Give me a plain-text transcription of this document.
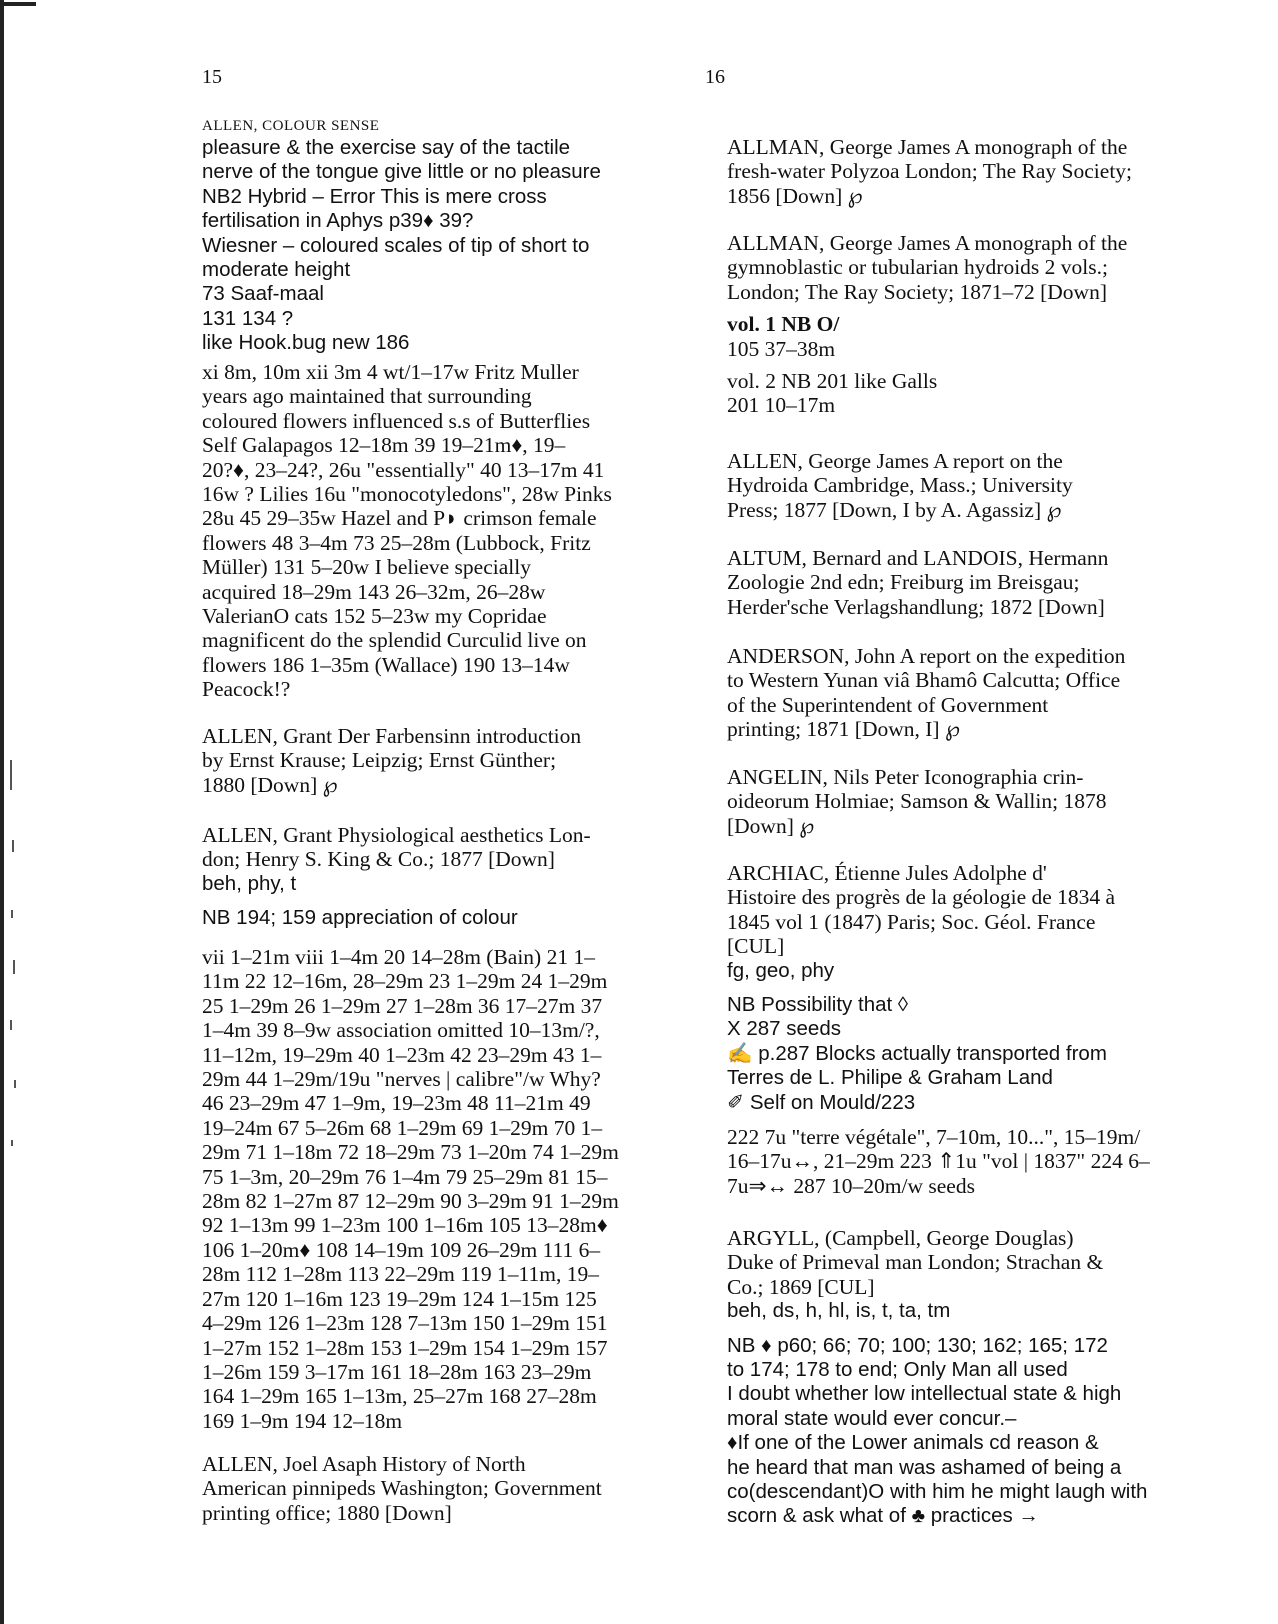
15	16
ALLEN, COLOUR SENSE

pleasure & the exercise say of the tactile

nerve of the tongue give little or no pleasure

NB2 Hybrid – Error This is mere cross

fertilisation in Aphys p39♦ 39?

Wiesner – coloured scales of tip of short to

moderate height

73 Saaf-maal

131 134 ?

like Hook.bug new 186

xi 8m, 10m xii 3m 4 wt/1–17w Fritz Muller

years ago maintained that surrounding

coloured flowers influenced s.s of Butterflies

Self Galapagos 12–18m 39 19–21m♦, 19–

20?♦, 23–24?, 26u "essentially" 40 13–17m 41

16w ? Lilies 16u "monocotyledons", 28w Pinks

28u 45 29–35w Hazel and P◗ crimson female

flowers 48 3–4m 73 25–28m (Lubbock, Fritz

Müller) 131 5–20w I believe specially

acquired 18–29m 143 26–32m, 26–28w

ValerianO cats 152 5–23w my Copridae

magnificent do the splendid Curculid live on

flowers 186 1–35m (Wallace) 190 13–14w

Peacock!?

ALLEN, Grant Der Farbensinn introduction

by Ernst Krause; Leipzig; Ernst Günther;

1880 [Down] ℘

ALLEN, Grant Physiological aesthetics Lon-

don; Henry S. King & Co.; 1877 [Down]

beh, phy, t

NB 194; 159 appreciation of colour

vii 1–21m viii 1–4m 20 14–28m (Bain) 21 1–

11m 22 12–16m, 28–29m 23 1–29m 24 1–29m

25 1–29m 26 1–29m 27 1–28m 36 17–27m 37

1–4m 39 8–9w association omitted 10–13m/?,

11–12m, 19–29m 40 1–23m 42 23–29m 43 1–

29m 44 1–29m/19u "nerves | calibre"/w Why?

46 23–29m 47 1–9m, 19–23m 48 11–21m 49

19–24m 67 5–26m 68 1–29m 69 1–29m 70 1–

29m 71 1–18m 72 18–29m 73 1–20m 74 1–29m

75 1–3m, 20–29m 76 1–4m 79 25–29m 81 15–

28m 82 1–27m 87 12–29m 90 3–29m 91 1–29m

92 1–13m 99 1–23m 100 1–16m 105 13–28m♦

106 1–20m♦ 108 14–19m 109 26–29m 111 6–

28m 112 1–28m 113 22–29m 119 1–11m, 19–

27m 120 1–16m 123 19–29m 124 1–15m 125

4–29m 126 1–23m 128 7–13m 150 1–29m 151

1–27m 152 1–28m 153 1–29m 154 1–29m 157

1–26m 159 3–17m 161 18–28m 163 23–29m

164 1–29m 165 1–13m, 25–27m 168 27–28m

169 1–9m 194 12–18m

ALLEN, Joel Asaph History of North

American pinnipeds Washington; Government

printing office; 1880 [Down]

ALLMAN, George James A monograph of the

fresh-water Polyzoa London; The Ray Society;

1856 [Down] ℘

ALLMAN, George James A monograph of the

gymnoblastic or tubularian hydroids 2 vols.;

London; The Ray Society; 1871–72 [Down]

vol. 1 NB O/

105 37–38m

vol. 2 NB 201 like Galls

201 10–17m

ALLEN, George James A report on the

Hydroida Cambridge, Mass.; University

Press; 1877 [Down, I by A. Agassiz] ℘

ALTUM, Bernard and LANDOIS, Hermann

Zoologie 2nd edn; Freiburg im Breisgau;

Herder'sche Verlagshandlung; 1872 [Down]

ANDERSON, John A report on the expedition

to Western Yunan viâ Bhamô Calcutta; Office

of the Superintendent of Government

printing; 1871 [Down, I] ℘

ANGELIN, Nils Peter Iconographia crin-

oideorum Holmiae; Samson & Wallin; 1878

[Down] ℘

ARCHIAC, Étienne Jules Adolphe d'

Histoire des progrès de la géologie de 1834 à

1845 vol 1 (1847) Paris; Soc. Géol. France

[CUL]

fg, geo, phy

NB Possibility that ◊

X 287 seeds

✍ p.287 Blocks actually transported from

Terres de L. Philipe & Graham Land

✐ Self on Mould/223

222 7u "terre végétale", 7–10m, 10...", 15–19m/

16–17u↔, 21–29m 223 ⇑1u "vol | 1837" 224 6–

7u⇒↔ 287 10–20m/w seeds

ARGYLL, (Campbell, George Douglas)

Duke of Primeval man London; Strachan &

Co.; 1869 [CUL]

beh, ds, h, hl, is, t, ta, tm

NB ♦ p60; 66; 70; 100; 130; 162; 165; 172

to 174; 178 to end; Only Man all used

I doubt whether low intellectual state & high

moral state would ever concur.–

♦If one of the Lower animals cd reason &

he heard that man was ashamed of being a

co(descendant)O with him he might laugh with

scorn & ask what of ♣ practices →
